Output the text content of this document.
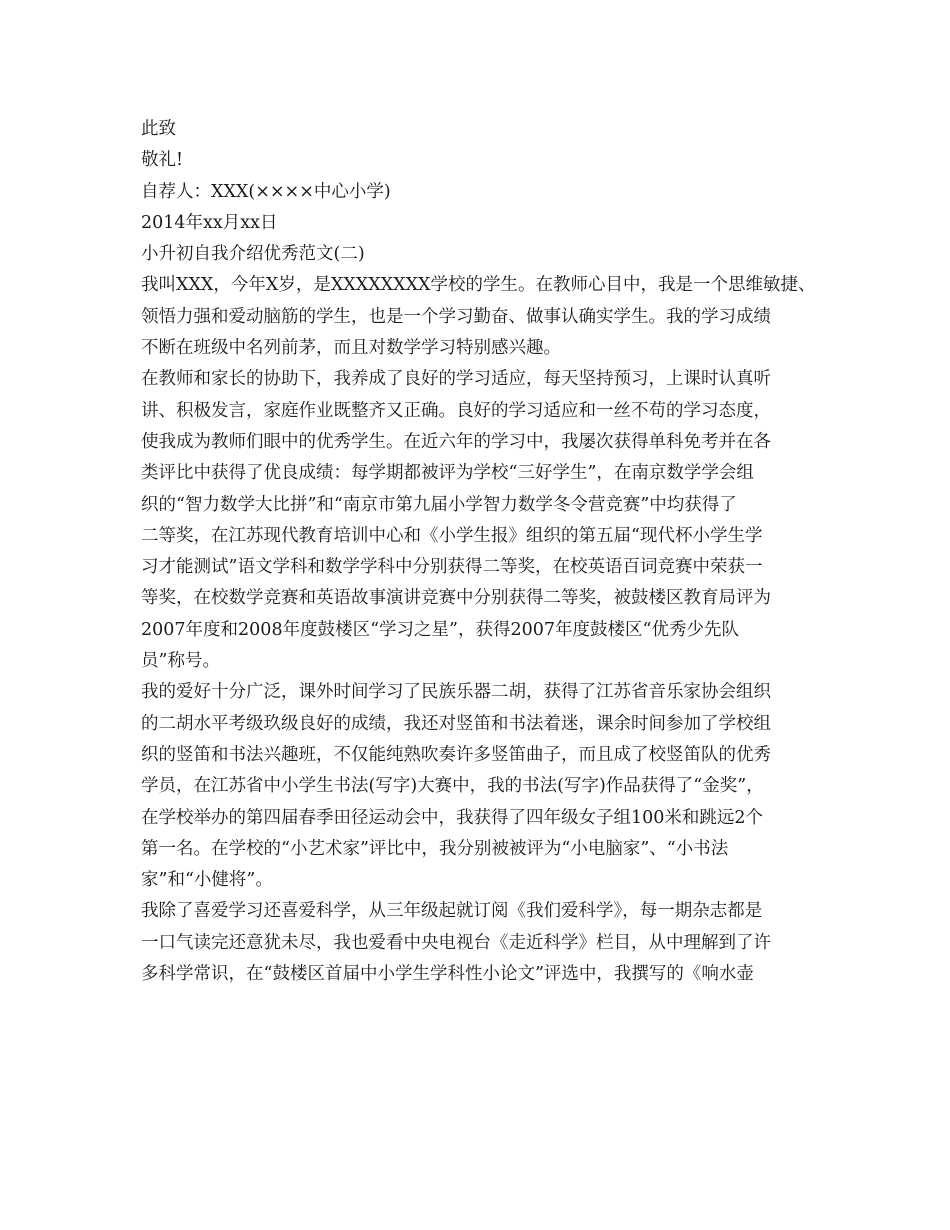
此致
敬礼!
自荐人：XXX(××××中心小学)
2014年xx月xx日
小升初自我介绍优秀范文(二)
我叫XXX，今年X岁，是XXXXXXXX学校的学生。在教师心目中，我是一个思维敏捷、
领悟力强和爱动脑筋的学生，也是一个学习勤奋、做事认确实学生。我的学习成绩
不断在班级中名列前茅，而且对数学学习特别感兴趣。
在教师和家长的协助下，我养成了良好的学习适应，每天坚持预习，上课时认真听
讲、积极发言，家庭作业既整齐又正确。良好的学习适应和一丝不苟的学习态度，
使我成为教师们眼中的优秀学生。在近六年的学习中，我屡次获得单科免考并在各
类评比中获得了优良成绩：每学期都被评为学校“三好学生”，在南京数学学会组
织的“智力数学大比拼”和“南京市第九届小学智力数学冬令营竞赛”中均获得了
二等奖，在江苏现代教育培训中心和《小学生报》组织的第五届“现代杯小学生学
习才能测试”语文学科和数学学科中分别获得二等奖，在校英语百词竞赛中荣获一
等奖，在校数学竞赛和英语故事演讲竞赛中分别获得二等奖，被鼓楼区教育局评为
2007年度和2008年度鼓楼区“学习之星”，获得2007年度鼓楼区“优秀少先队
员”称号。
我的爱好十分广泛，课外时间学习了民族乐器二胡，获得了江苏省音乐家协会组织
的二胡水平考级玖级良好的成绩，我还对竖笛和书法着迷，课余时间参加了学校组
织的竖笛和书法兴趣班，不仅能纯熟吹奏许多竖笛曲子，而且成了校竖笛队的优秀
学员，在江苏省中小学生书法(写字)大赛中，我的书法(写字)作品获得了“金奖”，
在学校举办的第四届春季田径运动会中，我获得了四年级女子组100米和跳远2个
第一名。在学校的“小艺术家”评比中，我分别被被评为“小电脑家”、“小书法
家”和“小健将”。
我除了喜爱学习还喜爱科学，从三年级起就订阅《我们爱科学》，每一期杂志都是
一口气读完还意犹未尽，我也爱看中央电视台《走近科学》栏目，从中理解到了许
多科学常识，在“鼓楼区首届中小学生学科性小论文”评选中，我撰写的《响水壶
